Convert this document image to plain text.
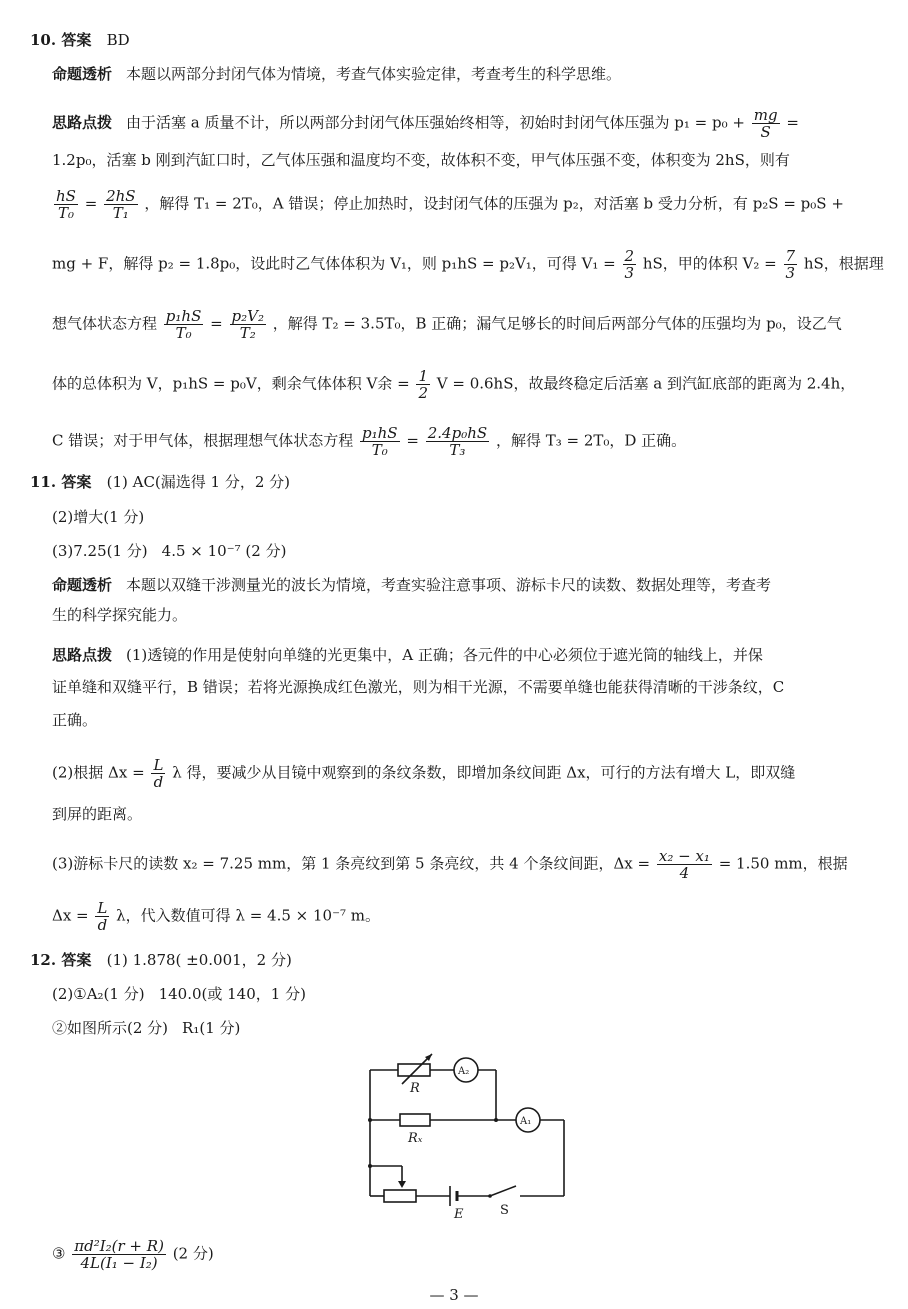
10. 答案 BD
命题透析 本题以两部分封闭气体为情境，考查气体实验定律，考查考生的科学思维。
思路点拨 由于活塞 a 质量不计，所以两部分封闭气体压强始终相等，初始时封闭气体压强为 $p_1 = p_0 + \frac{mg}{S}$ =
1.2p₀，活塞 b 刚到汽缸口时，乙气体压强和温度均不变，故体积不变，甲气体压强不变，体积变为 2hS，则有
$\frac{hS}{\text{T₀}} = \frac{2hS}{\text{T₁}}$ ，解得 T₁ = 2T₀，A 错误；停止加热时，设封闭气体的压强为 p₂，对活塞 b 受力分析，有 p₂S = p₀S +
mg + F，解得 p₂ = 1.8p₀，设此时乙气体体积为 V₁，则 p₁hS = p₂V₁，可得 $V_1 = \frac{2}{3}$ hS，甲的体积 $V_2 = \frac{7}{3}$ hS，根据理
想气体状态方程 $\frac{\text{p₁hS}}{\text{T₀}} = \frac{\text{p₂V₂}}{\text{T₂}}$ ，解得 T₂ = 3.5T₀，B 正确；漏气足够长的时间后两部分气体的压强均为 p₀，设乙气
体的总体积为 V，p₁hS = p₀V，剩余气体体积 V余 = $\frac{1}{2}$ V = 0.6hS，故最终稳定后活塞 a 到汽缸底部的距离为 2.4h，
C 错误；对于甲气体，根据理想气体状态方程 $\frac{\text{p₁hS}}{\text{T₀}} = \frac{\text{2.4p₀hS}}{\text{T₃}}$ ，解得 T₃ = 2T₀，D 正确。
11. 答案 (1) AC(漏选得 1 分，2 分)
(2)增大(1 分)
(3)7.25(1 分) 4.5 × 10⁻⁷ (2 分)
命题透析 本题以双缝干涉测量光的波长为情境，考查实验注意事项、游标卡尺的读数、数据处理等，考查考
生的科学探究能力。
思路点拨 (1)透镜的作用是使射向单缝的光更集中，A 正确；各元件的中心必须位于遮光筒的轴线上，并保
证单缝和双缝平行，B 错误；若将光源换成红色激光，则为相干光源，不需要单缝也能获得清晰的干涉条纹，C
正确。
(2)根据 $\Delta x = \frac{L}{d}$ λ 得，要减少从目镜中观察到的条纹条数，即增加条纹间距 Δx，可行的方法有增大 L，即双缝
到屏的距离。
(3)游标卡尺的读数 x₂ = 7.25 mm，第 1 条亮纹到第 5 条亮纹，共 4 个条纹间距，$\Delta x = \frac{\text{x₂ − x₁}}{4} = 1.50$ mm，根据
$\Delta x = \frac{L}{d}$ λ，代入数值可得 λ = 4.5 × 10⁻⁷ m。
12. 答案 (1) 1.878( ±0.001，2 分)
(2)①A₂(1 分) 140.0(或 140，1 分)
②如图所示(2 分) R₁(1 分)
R
Rₓ
A₂
A₁
E	S
③ $\frac{\text{πd²I₂(r + R)}}{\text{4L(I₁ − I₂)}} (2$ 分)
— 3 —
